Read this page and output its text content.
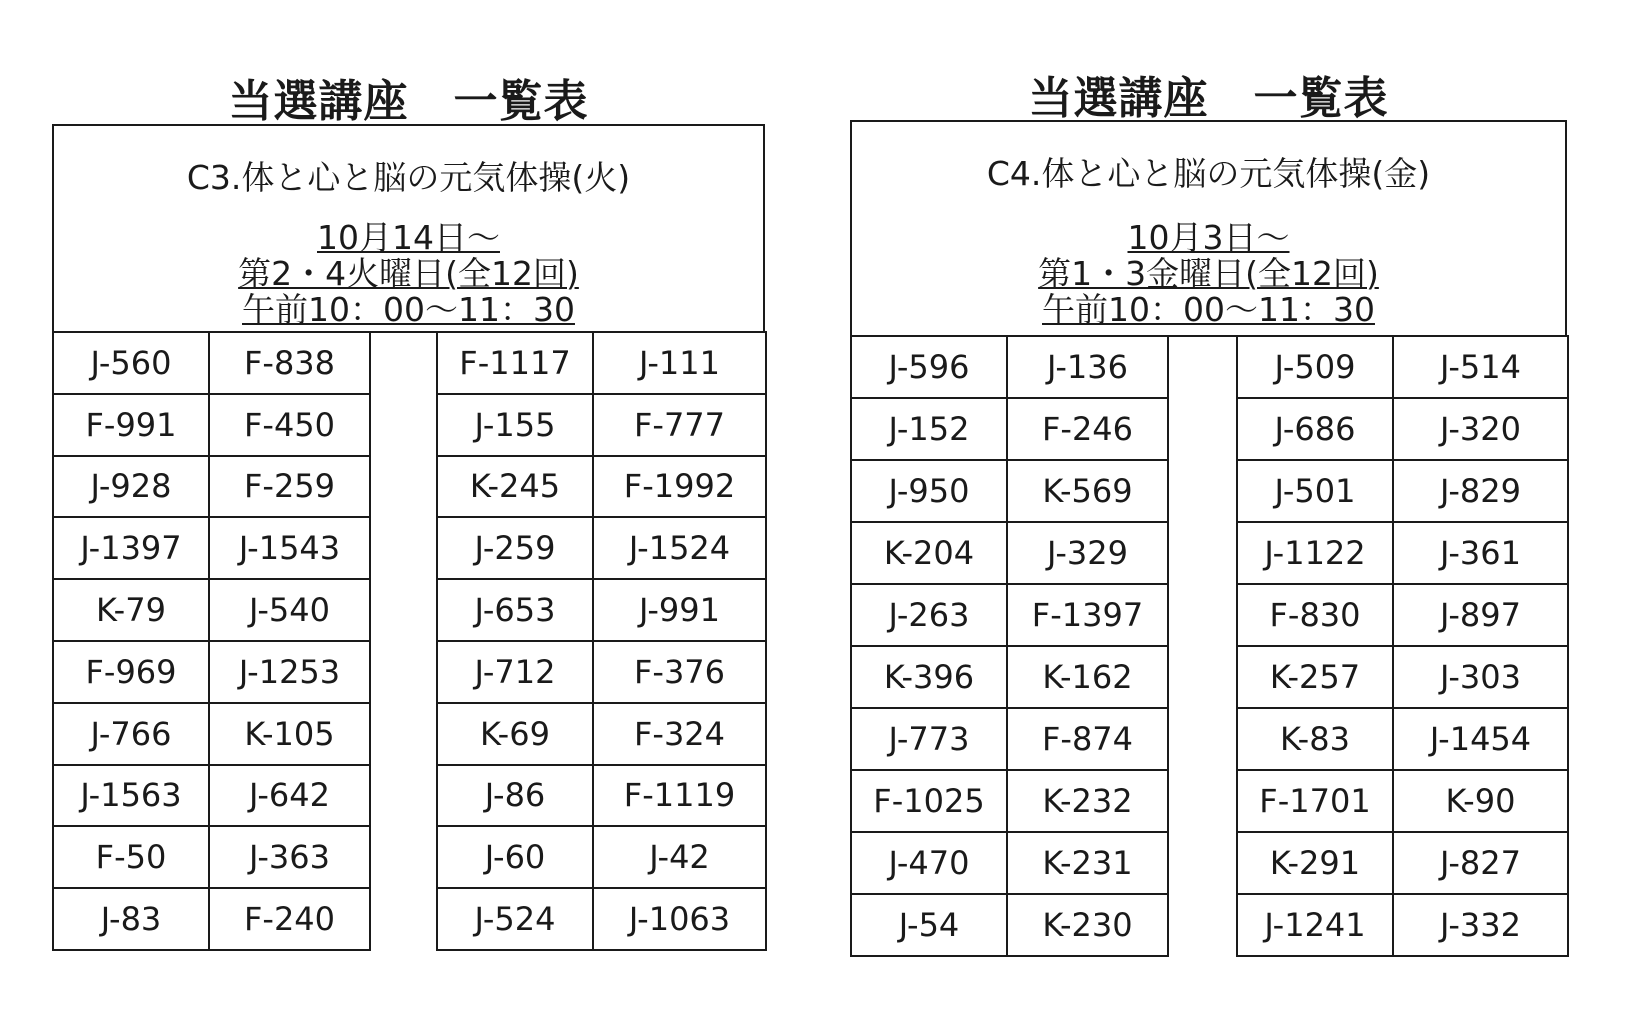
当選講座　一覧表
C3.体と心と脳の元気体操(火)
10月14日～
第2・4火曜日(全12回)
午前10：00～11：30
J-560	F-838		F-1117	J-111
F-991	F-450		J-155	F-777
J-928	F-259		K-245	F-1992
J-1397	J-1543		J-259	J-1524
K-79	J-540		J-653	J-991
F-969	J-1253		J-712	F-376
J-766	K-105		K-69	F-324
J-1563	J-642		J-86	F-1119
F-50	J-363		J-60	J-42
J-83	F-240		J-524	J-1063
当選講座　一覧表
C4.体と心と脳の元気体操(金)
10月3日～
第1・3金曜日(全12回)
午前10：00～11：30
J-596	J-136		J-509	J-514
J-152	F-246		J-686	J-320
J-950	K-569		J-501	J-829
K-204	J-329		J-1122	J-361
J-263	F-1397		F-830	J-897
K-396	K-162		K-257	J-303
J-773	F-874		K-83	J-1454
F-1025	K-232		F-1701	K-90
J-470	K-231		K-291	J-827
J-54	K-230		J-1241	J-332
